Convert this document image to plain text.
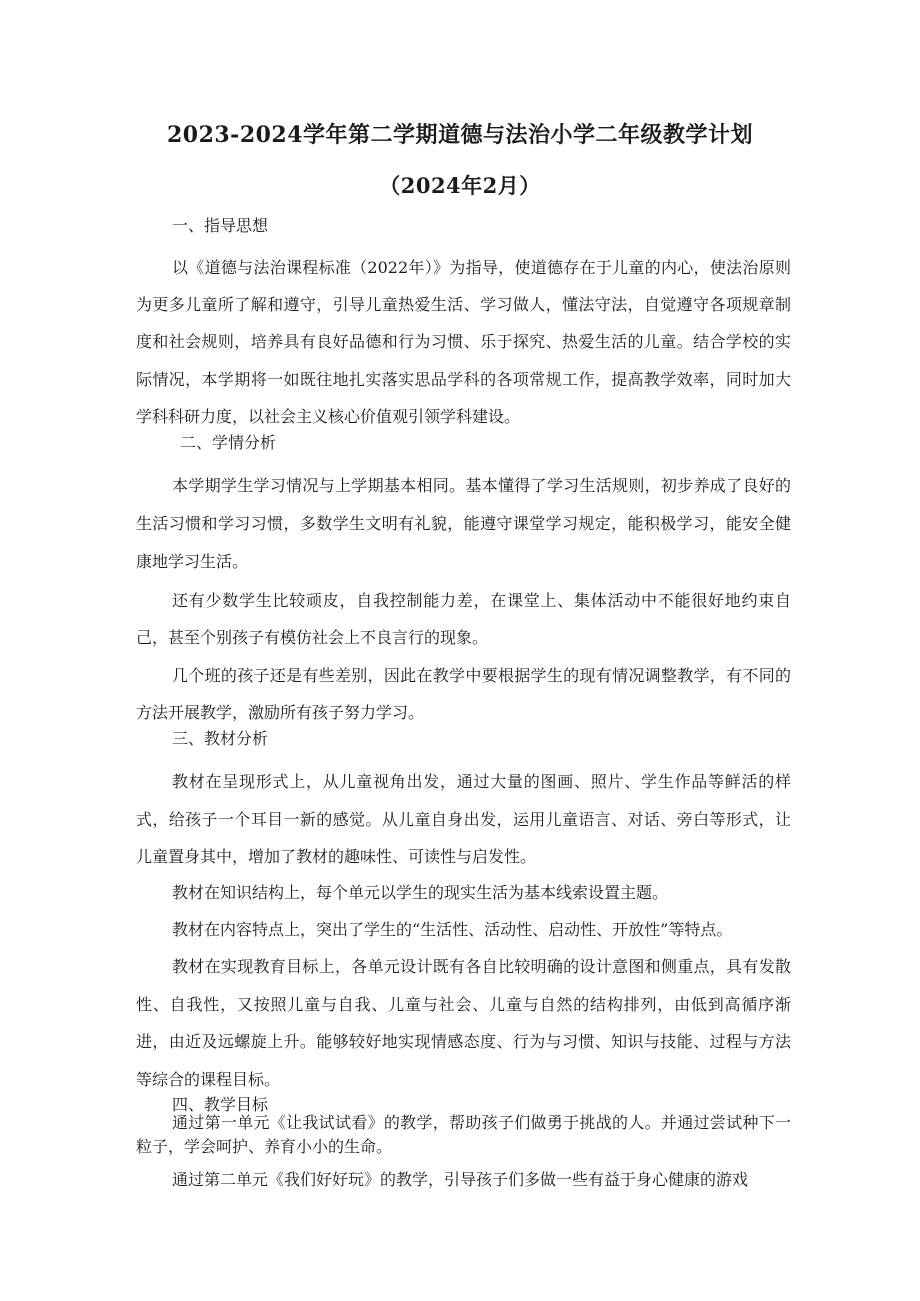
2023-2024学年第二学期道德与法治小学二年级教学计划
（2024年2月）
一、指导思想
以《道德与法治课程标准（2022年）》为指导，使道德存在于儿童的内心，使法治原则为更多儿童所了解和遵守，引导儿童热爱生活、学习做人，懂法守法，自觉遵守各项规章制度和社会规则，培养具有良好品德和行为习惯、乐于探究、热爱生活的儿童。结合学校的实际情况，本学期将一如既往地扎实落实思品学科的各项常规工作，提高教学效率，同时加大学科科研力度，以社会主义核心价值观引领学科建设。
二、学情分析
本学期学生学习情况与上学期基本相同。基本懂得了学习生活规则，初步养成了良好的生活习惯和学习习惯，多数学生文明有礼貌，能遵守课堂学习规定，能积极学习，能安全健康地学习生活。
还有少数学生比较顽皮，自我控制能力差，在课堂上、集体活动中不能很好地约束自己，甚至个别孩子有模仿社会上不良言行的现象。
几个班的孩子还是有些差别，因此在教学中要根据学生的现有情况调整教学，有不同的方法开展教学，激励所有孩子努力学习。
三、教材分析
教材在呈现形式上，从儿童视角出发，通过大量的图画、照片、学生作品等鲜活的样式，给孩子一个耳目一新的感觉。从儿童自身出发，运用儿童语言、对话、旁白等形式，让儿童置身其中，增加了教材的趣味性、可读性与启发性。
教材在知识结构上，每个单元以学生的现实生活为基本线索设置主题。
教材在内容特点上，突出了学生的“生活性、活动性、启动性、开放性”等特点。
教材在实现教育目标上，各单元设计既有各自比较明确的设计意图和侧重点，具有发散性、自我性，又按照儿童与自我、儿童与社会、儿童与自然的结构排列，由低到高循序渐进，由近及远螺旋上升。能够较好地实现情感态度、行为与习惯、知识与技能、过程与方法等综合的课程目标。
四、教学目标
通过第一单元《让我试试看》的教学，帮助孩子们做勇于挑战的人。并通过尝试种下一粒子，学会呵护、养育小小的生命。
通过第二单元《我们好好玩》的教学，引导孩子们多做一些有益于身心健康的游戏
